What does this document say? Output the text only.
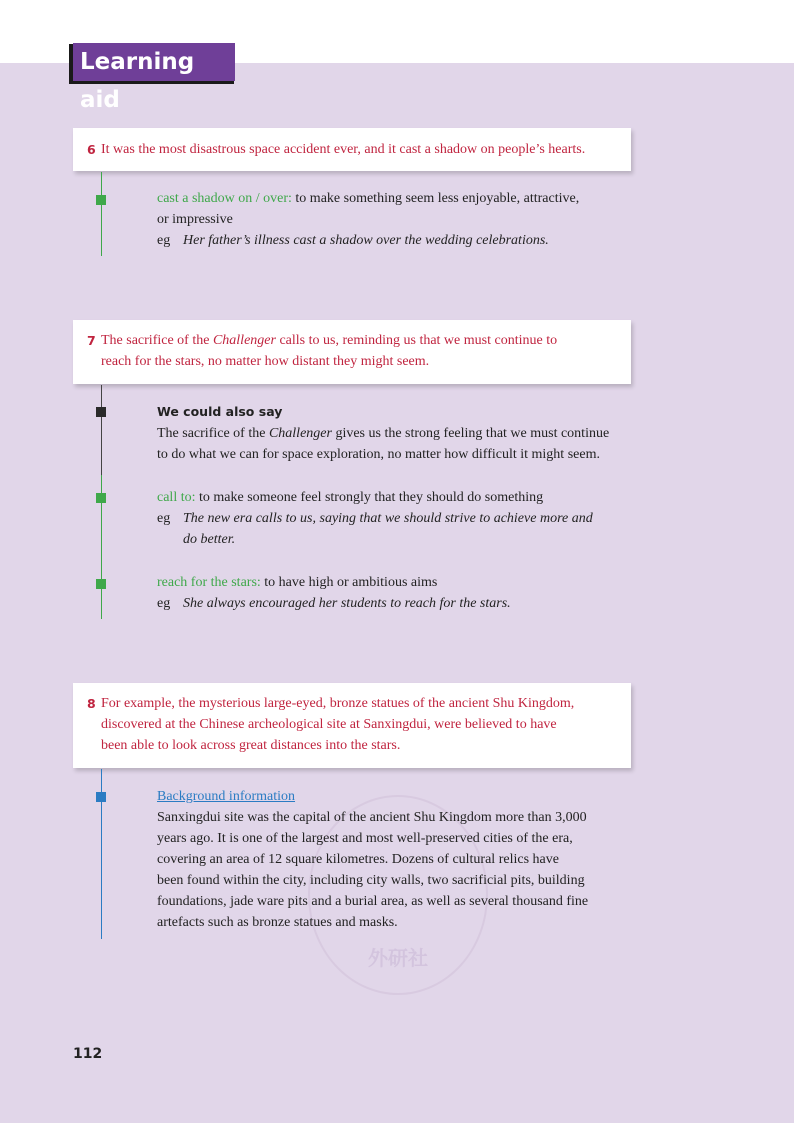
外研社
Learning aid
6 It was the most disastrous space accident ever, and it cast a shadow on people’s hearts.
cast a shadow on / over: to make something seem less enjoyable, attractive,
or impressive
eg Her father’s illness cast a shadow over the wedding celebrations.
7 The sacrifice of the Challenger calls to us, reminding us that we must continue to
reach for the stars, no matter how distant they might seem.
We could also say
The sacrifice of the Challenger gives us the strong feeling that we must continue
to do what we can for space exploration, no matter how difficult it might seem.
call to: to make someone feel strongly that they should do something
eg The new era calls to us, saying that we should strive to achieve more and
do better.
reach for the stars: to have high or ambitious aims
eg She always encouraged her students to reach for the stars.
8 For example, the mysterious large-eyed, bronze statues of the ancient Shu Kingdom,
discovered at the Chinese archeological site at Sanxingdui, were believed to have
been able to look across great distances into the stars.
Background information
Sanxingdui site was the capital of the ancient Shu Kingdom more than 3,000
years ago. It is one of the largest and most well-preserved cities of the era,
covering an area of 12 square kilometres. Dozens of cultural relics have
been found within the city, including city walls, two sacrificial pits, building
foundations, jade ware pits and a burial area, as well as several thousand fine
artefacts such as bronze statues and masks.
112
